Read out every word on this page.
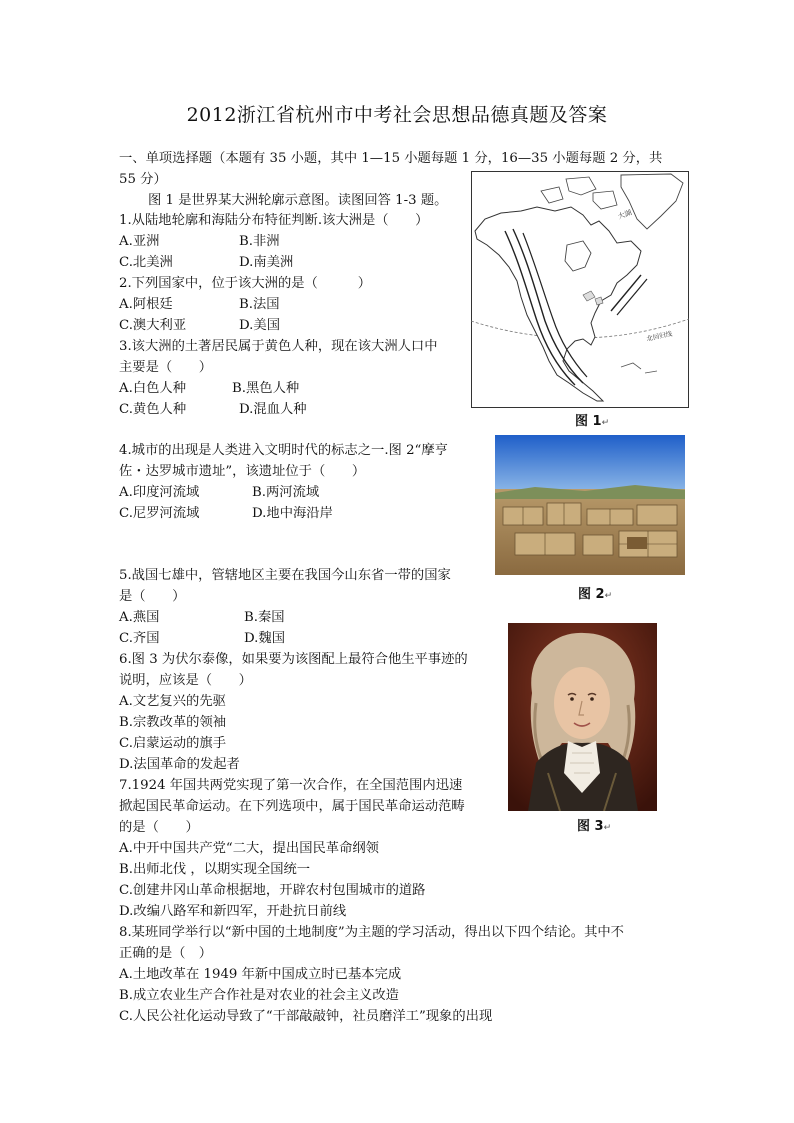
2012浙江省杭州市中考社会思想品德真题及答案
一、单项选择题（本题有 35 小题，其中 1—15 小题每题 1 分，16—35 小题每题 2 分，共
55 分）
图 1 是世界某大洲轮廓示意图。读图回答 1-3 题。
1.从陆地轮廓和海陆分布特征判断.该大洲是（　　）
A.亚洲	B.非洲
C.北美洲	D.南美洲
2.下列国家中，位于该大洲的是（　　　）
A.阿根廷	B.法国
C.澳大利亚	D.美国
3.该大洲的土著居民属于黄色人种，现在该大洲人口中
主要是（　　）
A.白色人种	B.黑色人种
C.黄色人种	D.混血人种
4.城市的出现是人类进入文明时代的标志之一.图 2“摩亨
佐・达罗城市遗址”，该遗址位于（　　）
A.印度河流域	B.两河流域
C.尼罗河流域	D.地中海沿岸
5.战国七雄中，管辖地区主要在我国今山东省一带的国家
是（　　）
A.燕国	B.秦国
C.齐国	D.魏国
6.图 3 为伏尔泰像，如果要为该图配上最符合他生平事迹的
说明，应该是（　　）
A.文艺复兴的先驱
B.宗教改革的领袖
C.启蒙运动的旗手
D.法国革命的发起者
7.1924 年国共两党实现了第一次合作，在全国范围内迅速
掀起国民革命运动。在下列选项中，属于国民革命运动范畴
的是（　　）
A.中开中国共产党“二大，提出国民革命纲领
B.出师北伐 ，以期实现全国统一
C.创建井冈山革命根据地，开辟农村包围城市的道路
D.改编八路军和新四军，开赴抗日前线
8.某班同学举行以“新中国的土地制度”为主题的学习活动，得出以下四个结论。其中不
正确的是（　）
A.土地改革在 1949 年新中国成立时已基本完成
B.成立农业生产合作社是对农业的社会主义改造
C.人民公社化运动导致了“干部敲敲钟，社员磨洋工”现象的出现
大湖
北回归线
图 1↵
图 2↵
图 3↵
